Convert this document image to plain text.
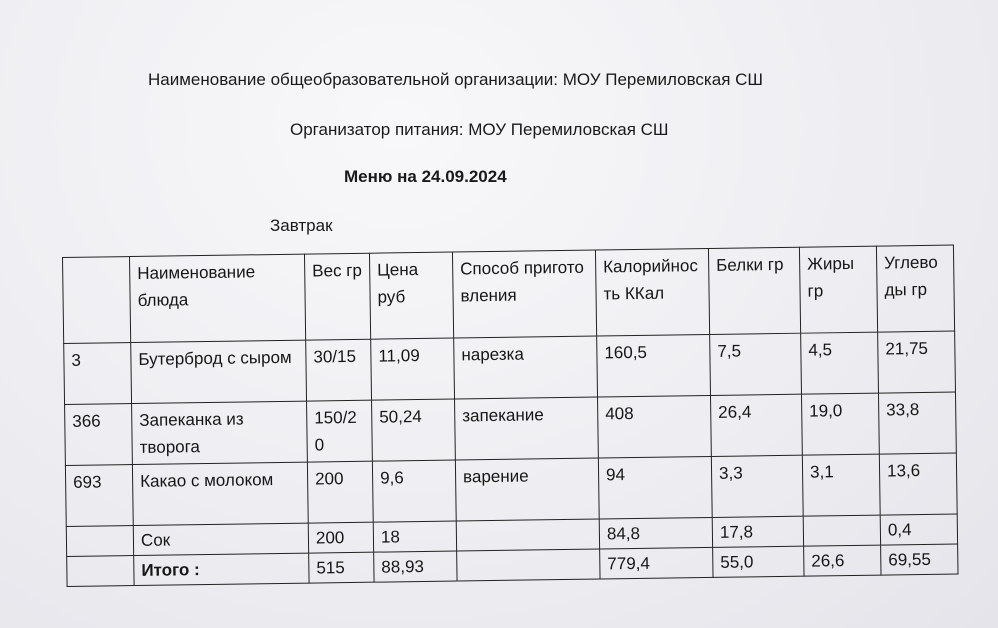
Наименование общеобразовательной организации: МОУ Перемиловская СШ
Организатор питания: МОУ Перемиловская СШ
Меню на 24.09.2024
Завтрак

	Наименование блюда	Вес гр	Цена руб	Способ приготовления	Калорийность ККал	Белки гр	Жиры гр	Углеводы гр

3	Бутерброд с сыром	30/15	11,09	нарезка	160,5	7,5	4,5	21,75

366	Запеканка из творога	150/20	50,24	запекание	408	26,4	19,0	33,8

693	Какао с молоком	200	9,6	варение	94	3,3	3,1	13,6

	Сок	200	18		84,8	17,8		0,4

	Итого :	515	88,93		779,4	55,0	26,6	69,55
